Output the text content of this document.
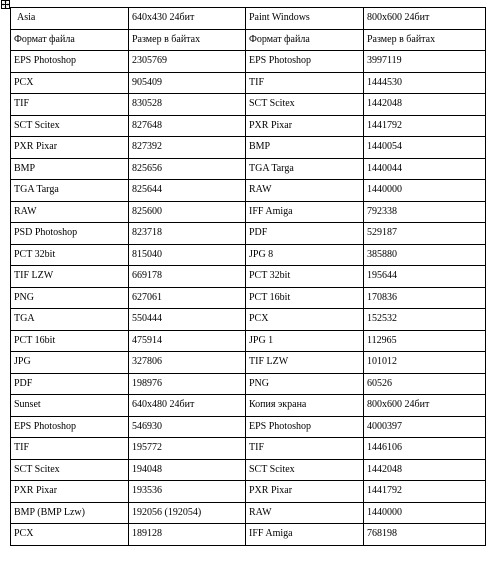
Asia	640x430 24бит	Paint Windows	800x600 24бит
Формат файла	Размер в байтах	Формат файла	Размер в байтах
EPS Photoshop	2305769	EPS Photoshop	3997119
PCX	905409	TIF	1444530
TIF	830528	SCT Scitex	1442048
SCT Scitex	827648	PXR Pixar	1441792
PXR Pixar	827392	BMP	1440054
BMP	825656	TGA Targa	1440044
TGA Targa	825644	RAW	1440000
RAW	825600	IFF Amiga	792338
PSD Photoshop	823718	PDF	529187
PCT 32bit	815040	JPG 8	385880
TIF LZW	669178	PCT 32bit	195644
PNG	627061	PCT 16bit	170836
TGA	550444	PCX	152532
PCT 16bit	475914	JPG 1	112965
JPG	327806	TIF LZW	101012
PDF	198976	PNG	60526
Sunset	640x480 24бит	Копия экрана	800x600 24бит
EPS Photoshop	546930	EPS Photoshop	4000397
TIF	195772	TIF	1446106
SCT Scitex	194048	SCT Scitex	1442048
PXR Pixar	193536	PXR Pixar	1441792
BMP (BMP Lzw)	192056 (192054)	RAW	1440000
PCX	189128	IFF Amiga	768198
